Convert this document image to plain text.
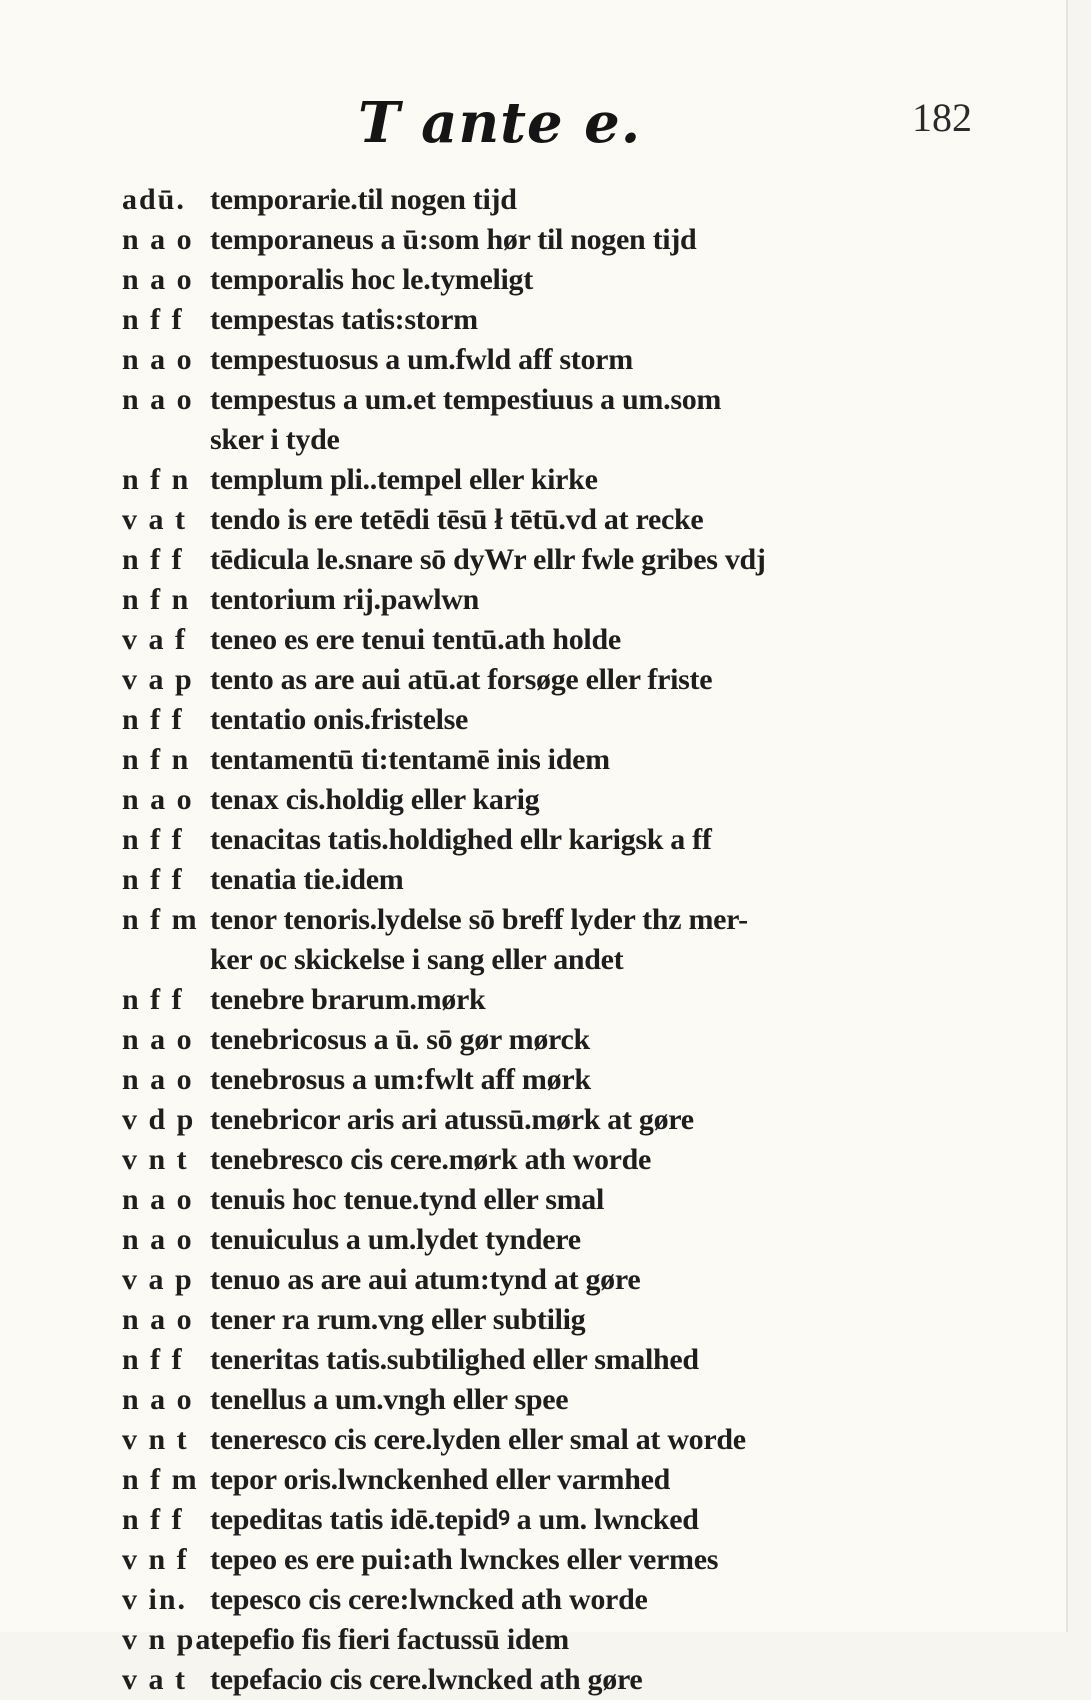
T ante e.	182
adū. temporarie.til nogen tijd
n a o temporaneus a ū:som hør til nogen tijd
n a o temporalis hoc le.tymeligt
n f f tempestas tatis:storm
n a o tempestuosus a um.fwld aff storm
n a o tempestus a um.et tempestiuus a um.som
sker i tyde
n f n templum pli..tempel eller kirke
v a t tendo is ere tetēdi tēsū ł tētū.vd at recke
n f f tēdicula le.snare sō dyWr ellr fwle gribes vdj
n f n tentorium rij.pawlwn
v a f teneo es ere tenui tentū.ath holde
v a p tento as are aui atū.at forsøge eller friste
n f f tentatio onis.fristelse
n f n tentamentū ti:tentamē inis idem
n a o tenax cis.holdig eller karig
n f f tenacitas tatis.holdighed ellr karigsk a ff
n f f tenatia tie.idem
n f m tenor tenoris.lydelse sō breff lyder thz mer-
ker oc skickelse i sang eller andet
n f f tenebre brarum.mørk
n a o tenebricosus a ū. sō gør mørck
n a o tenebrosus a um:fwlt aff mørk
v d p tenebricor aris ari atussū.mørk at gøre
v n t tenebresco cis cere.mørk ath worde
n a o tenuis hoc tenue.tynd eller smal
n a o tenuiculus a um.lydet tyndere
v a p tenuo as are aui atum:tynd at gøre
n a o tener ra rum.vng eller subtilig
n f f teneritas tatis.subtilighed eller smalhed
n a o tenellus a um.vngh eller spee
v n t teneresco cis cere.lyden eller smal at worde
n f m tepor oris.lwnckenhed eller varmhed
n f f tepeditas tatis idē.tepidꝰ a um. lwncked
v n f tepeo es ere pui:ath lwnckes eller vermes
v in. tepesco cis cere:lwncked ath worde
v n pa.
tepefio fis fieri factussū idem
v a t tepefacio cis cere.lwncked ath gøre
